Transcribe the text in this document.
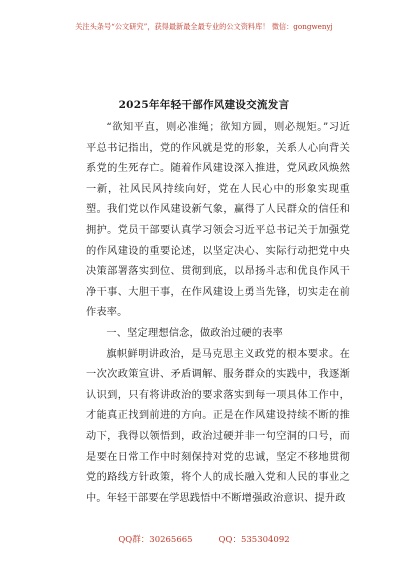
关注头条号“公文研究”，获得最新最全最专业的公文资料库！ 微信：gongwenyj
2025年年轻干部作风建设交流发言

“欲知平直，则必准绳；欲知方圆，则必规矩。”习近平总书记指出，党的作风就是党的形象，关系人心向背关系党的生死存亡。随着作风建设深入推进，党风政风焕然一新，社风民风持续向好，党在人民心中的形象实现重塑。我们党以作风建设新气象，赢得了人民群众的信任和拥护。党员干部要认真学习领会习近平总书记关于加强党的作风建设的重要论述，以坚定决心、实际行动把党中央决策部署落实到位、贯彻到底，以昂扬斗志和优良作风干净干事、大胆干事，在作风建设上勇当先锋，切实走在前作表率。

一、坚定理想信念，做政治过硬的表率

旗帜鲜明讲政治，是马克思主义政党的根本要求。在一次次政策宣讲、矛盾调解、服务群众的实践中，我逐渐认识到，只有将讲政治的要求落实到每一项具体工作中，才能真正找到前进的方向。正是在作风建设持续不断的推动下，我得以领悟到，政治过硬并非一句空洞的口号，而是要在日常工作中时刻保持对党的忠诚，坚定不移地贯彻党的路线方针政策，将个人的成长融入党和人民的事业之中。年轻干部要在学思践悟中不断增强政治意识、提升政

QQ群：30265665	QQ：535304092
